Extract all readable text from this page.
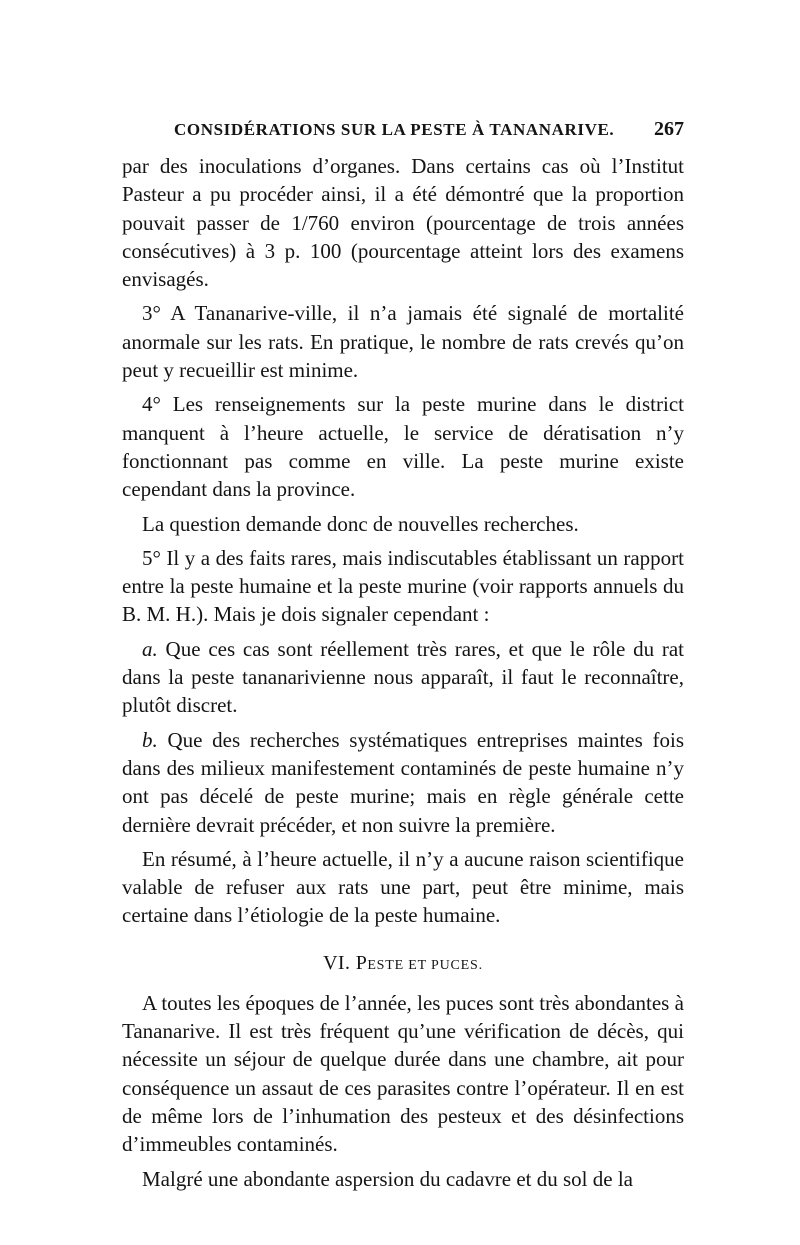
CONSIDÉRATIONS SUR LA PESTE À TANANARIVE. 267

par des inoculations d’organes. Dans certains cas où l’Institut Pasteur a pu procéder ainsi, il a été démontré que la proportion pouvait passer de 1/760 environ (pourcentage de trois années consécutives) à 3 p. 100 (pourcentage atteint lors des examens envisagés.

3° A Tananarive-ville, il n’a jamais été signalé de mortalité anormale sur les rats. En pratique, le nombre de rats crevés qu’on peut y recueillir est minime.

4° Les renseignements sur la peste murine dans le district manquent à l’heure actuelle, le service de dératisation n’y fonctionnant pas comme en ville. La peste murine existe cependant dans la province.

La question demande donc de nouvelles recherches.

5° Il y a des faits rares, mais indiscutables établissant un rapport entre la peste humaine et la peste murine (voir rapports annuels du B. M. H.). Mais je dois signaler cependant :

a. Que ces cas sont réellement très rares, et que le rôle du rat dans la peste tananarivienne nous apparaît, il faut le reconnaître, plutôt discret.

b. Que des recherches systématiques entreprises maintes fois dans des milieux manifestement contaminés de peste humaine n’y ont pas décelé de peste murine; mais en règle générale cette dernière devrait précéder, et non suivre la première.

En résumé, à l’heure actuelle, il n’y a aucune raison scientifique valable de refuser aux rats une part, peut être minime, mais certaine dans l’étiologie de la peste humaine.

VI. PESTE ET PUCES.

A toutes les époques de l’année, les puces sont très abondantes à Tananarive. Il est très fréquent qu’une vérification de décès, qui nécessite un séjour de quelque durée dans une chambre, ait pour conséquence un assaut de ces parasites contre l’opérateur. Il en est de même lors de l’inhumation des pesteux et des désinfections d’immeubles contaminés.

Malgré une abondante aspersion du cadavre et du sol de la
